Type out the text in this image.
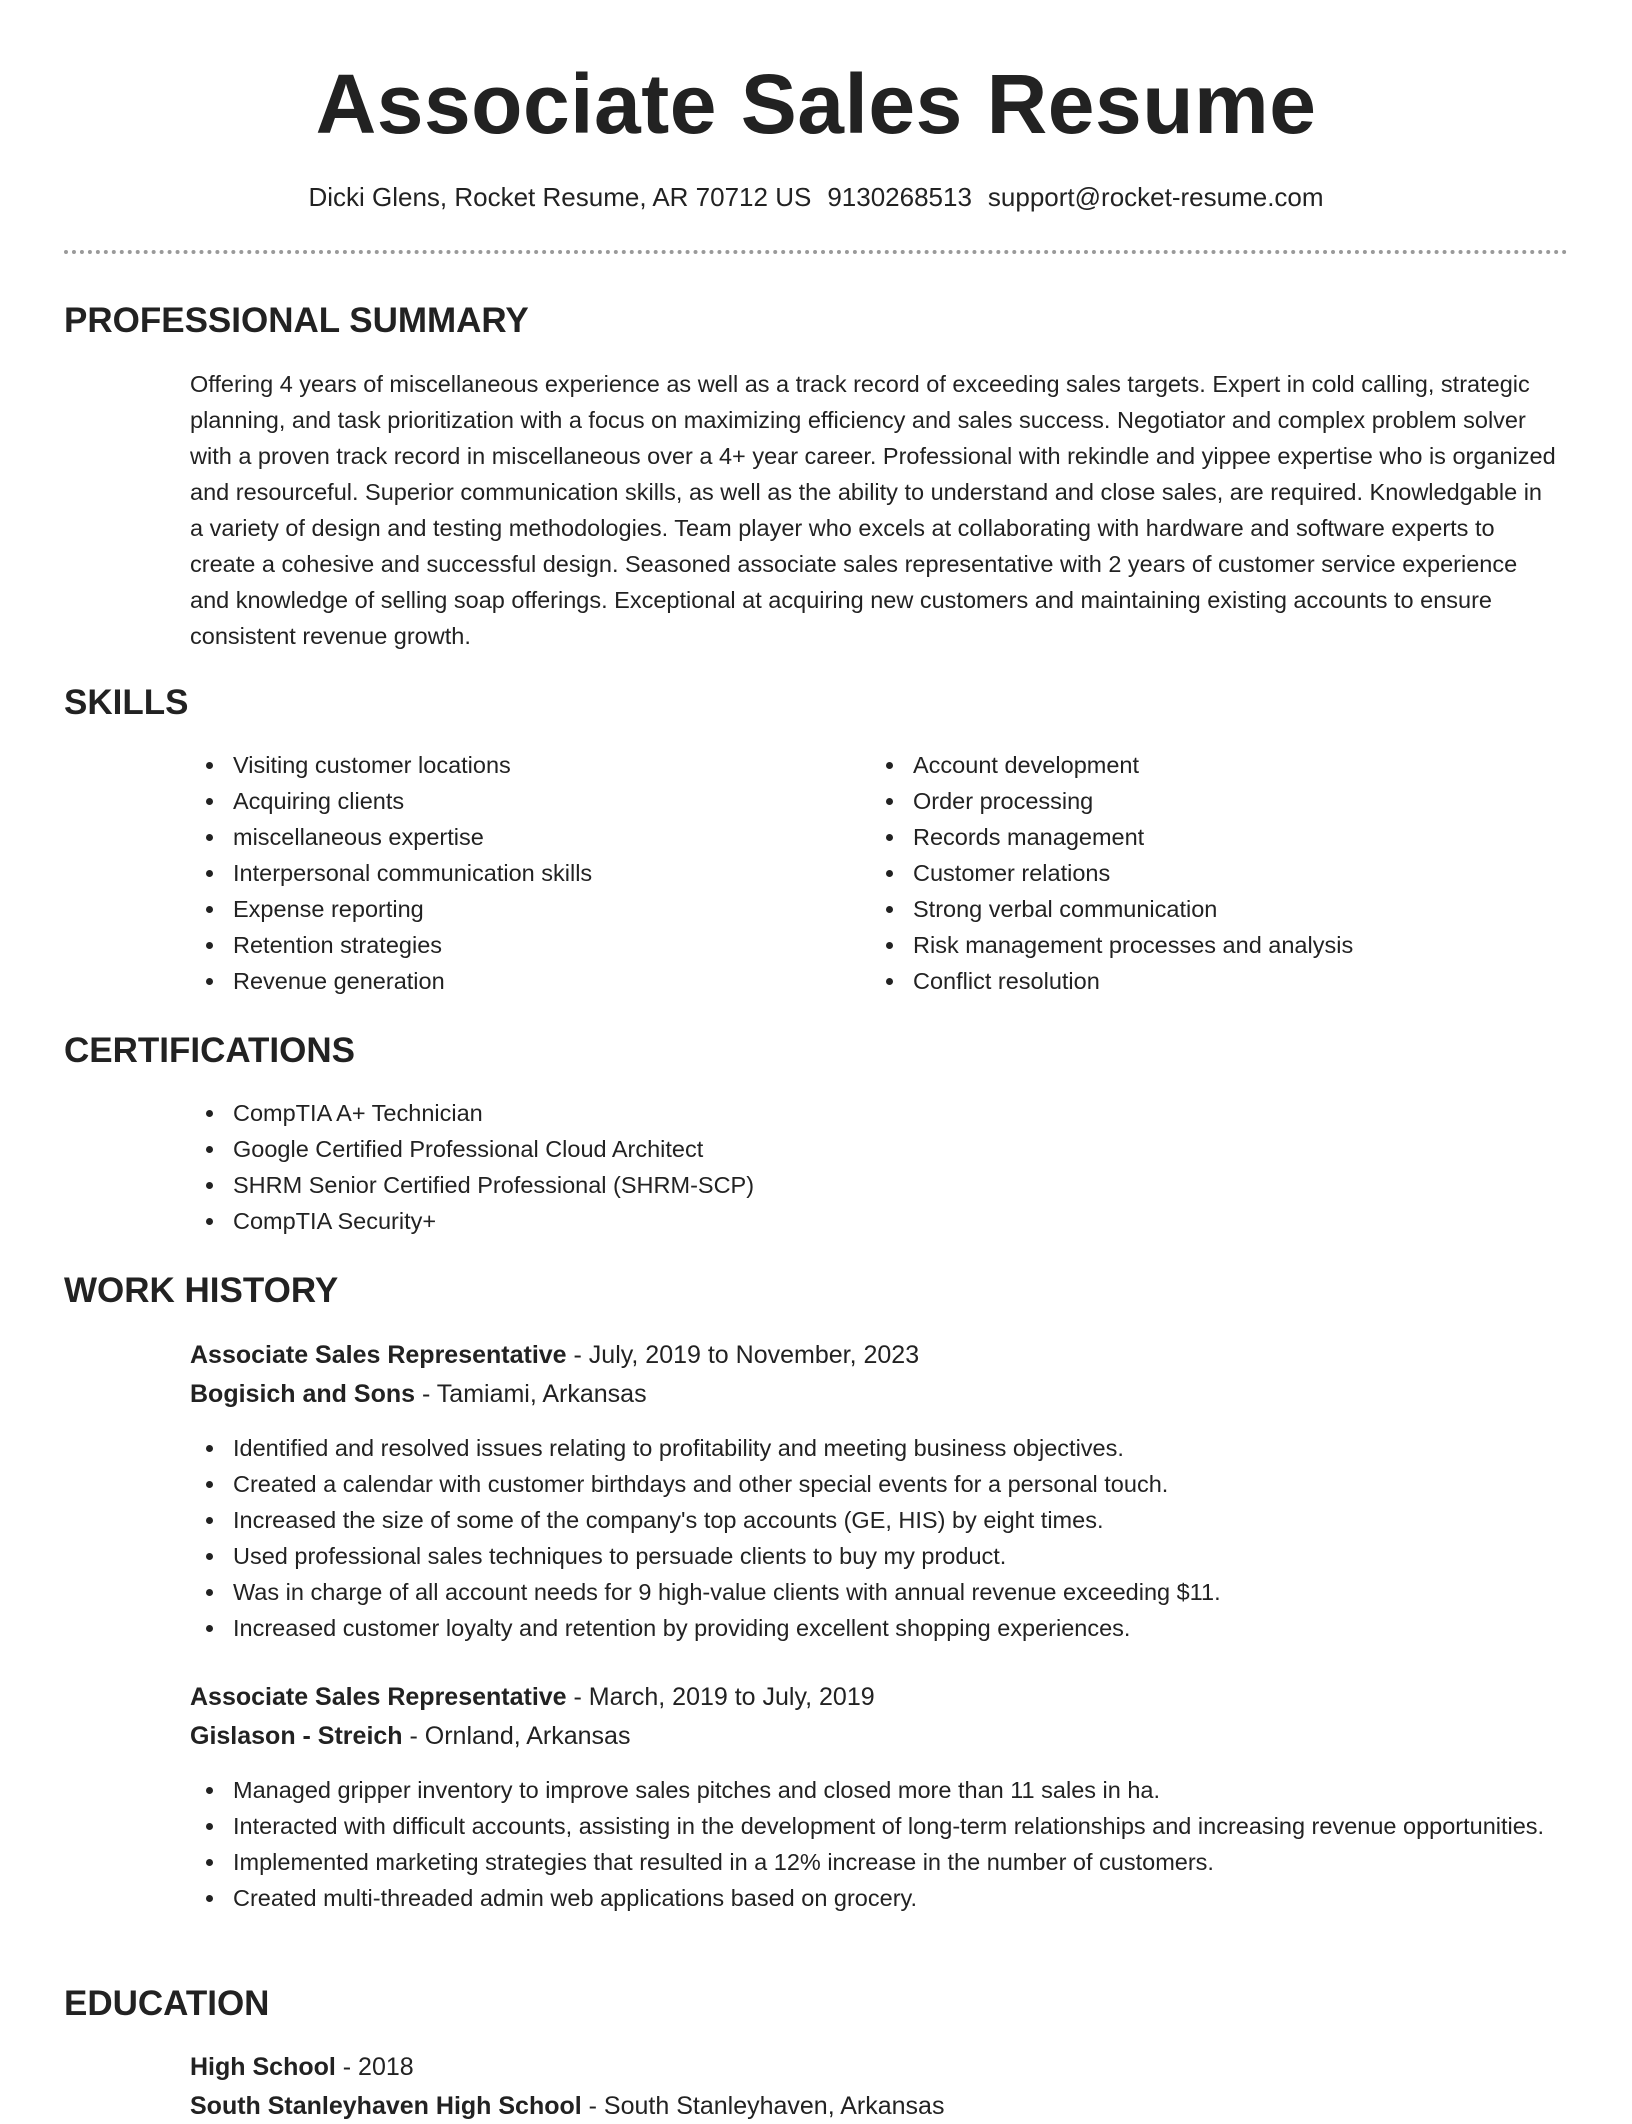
Associate Sales Resume
Dicki Glens, Rocket Resume, AR 70712 US 9130268513 support@rocket-resume.com
PROFESSIONAL SUMMARY
Offering 4 years of miscellaneous experience as well as a track record of exceeding sales targets. Expert in cold calling, strategic planning, and task prioritization with a focus on maximizing efficiency and sales success. Negotiator and complex problem solver with a proven track record in miscellaneous over a 4+ year career. Professional with rekindle and yippee expertise who is organized and resourceful. Superior communication skills, as well as the ability to understand and close sales, are required. Knowledgable in a variety of design and testing methodologies. Team player who excels at collaborating with hardware and software experts to create a cohesive and successful design. Seasoned associate sales representative with 2 years of customer service experience and knowledge of selling soap offerings. Exceptional at acquiring new customers and maintaining existing accounts to ensure consistent revenue growth.
SKILLS
Visiting customer locations
Acquiring clients
miscellaneous expertise
Interpersonal communication skills
Expense reporting
Retention strategies
Revenue generation
Account development
Order processing
Records management
Customer relations
Strong verbal communication
Risk management processes and analysis
Conflict resolution
CERTIFICATIONS
CompTIA A+ Technician
Google Certified Professional Cloud Architect
SHRM Senior Certified Professional (SHRM-SCP)
CompTIA Security+
WORK HISTORY
Associate Sales Representative - July, 2019 to November, 2023
Bogisich and Sons - Tamiami, Arkansas
Identified and resolved issues relating to profitability and meeting business objectives.
Created a calendar with customer birthdays and other special events for a personal touch.
Increased the size of some of the company's top accounts (GE, HIS) by eight times.
Used professional sales techniques to persuade clients to buy my product.
Was in charge of all account needs for 9 high-value clients with annual revenue exceeding $11.
Increased customer loyalty and retention by providing excellent shopping experiences.
Associate Sales Representative - March, 2019 to July, 2019
Gislason - Streich - Ornland, Arkansas
Managed gripper inventory to improve sales pitches and closed more than 11 sales in ha.
Interacted with difficult accounts, assisting in the development of long-term relationships and increasing revenue opportunities.
Implemented marketing strategies that resulted in a 12% increase in the number of customers.
Created multi-threaded admin web applications based on grocery.
EDUCATION
High School - 2018
South Stanleyhaven High School - South Stanleyhaven, Arkansas
